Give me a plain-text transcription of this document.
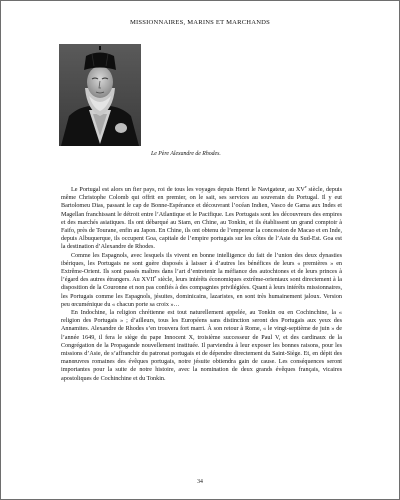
MISSIONNAIRES, MARINS ET MARCHANDS
Le Père Alexandre de Rhodes.

Le Portugal est alors un fier pays, roi de tous les voyages depuis Henri le Navigateur, au XVe siècle, depuis même Christophe Colomb qui offrit en premier, on le sait, ses services au souverain du Portugal. Il y eut Bartolomeu Dias, passant le cap de Bonne-Espérance et découvrant l’océan Indien, Vasco de Gama aux Indes et Magellan franchissant le détroit entre l’Atlantique et le Pacifique. Les Portugais sont les découvreurs des empires et des marchés asiatiques. Ils ont débarqué au Siam, en Chine, au Tonkin, et ils établissent un grand comptoir à Faifo, près de Tourane, enfin au Japon. En Chine, ils ont obtenu de l’empereur la concession de Macao et en Inde, depuis Albuquerque, ils occupent Goa, capitale de l’empire portugais sur les côtes de l’Asie du Sud-Est. Goa est la destination d’Alexandre de Rhodes.

Comme les Espagnols, avec lesquels ils vivent en bonne intelligence du fait de l’union des deux dynasties ibériques, les Portugais ne sont guère disposés à laisser à d’autres les bénéfices de leurs « premières » en Extrême-Orient. Ils sont passés maîtres dans l’art d’entretenir la méfiance des autochtones et de leurs princes à l’égard des autres étrangers. Au XVIIe siècle, leurs intérêts économiques extrême-orientaux sont directement à la disposition de la Couronne et non pas confiés à des compagnies privilégiées. Quant à leurs intérêts missionnaires, les Portugais comme les Espagnols, jésuites, dominicains, lazaristes, en sont très humainement jaloux. Version peu œcuménique du « chacun porte sa croix »…

En Indochine, la religion chrétienne est tout naturellement appelée, au Tonkin ou en Cochinchine, la « religion des Portugais » ; d’ailleurs, tous les Européens sans distinction seront des Portugais aux yeux des Annamites. Alexandre de Rhodes s’en trouvera fort marri. À son retour à Rome, « le vingt-septième de juin » de l’année 1649, il fera le siège du pape Innocent X, troisième successeur de Paul V, et des cardinaux de la Congrégation de la Propagande nouvellement instituée. Il parviendra à leur exposer les bonnes raisons, pour les missions d’Asie, de s’affranchir du patronat portugais et de dépendre directement du Saint-Siège. Et, en dépit des manœuvres romaines des évêques portugais, notre jésuite obtiendra gain de cause. Les conséquences seront importantes pour la suite de notre histoire, avec la nomination de deux grands évêques français, vicaires apostoliques de Cochinchine et du Tonkin.

34
